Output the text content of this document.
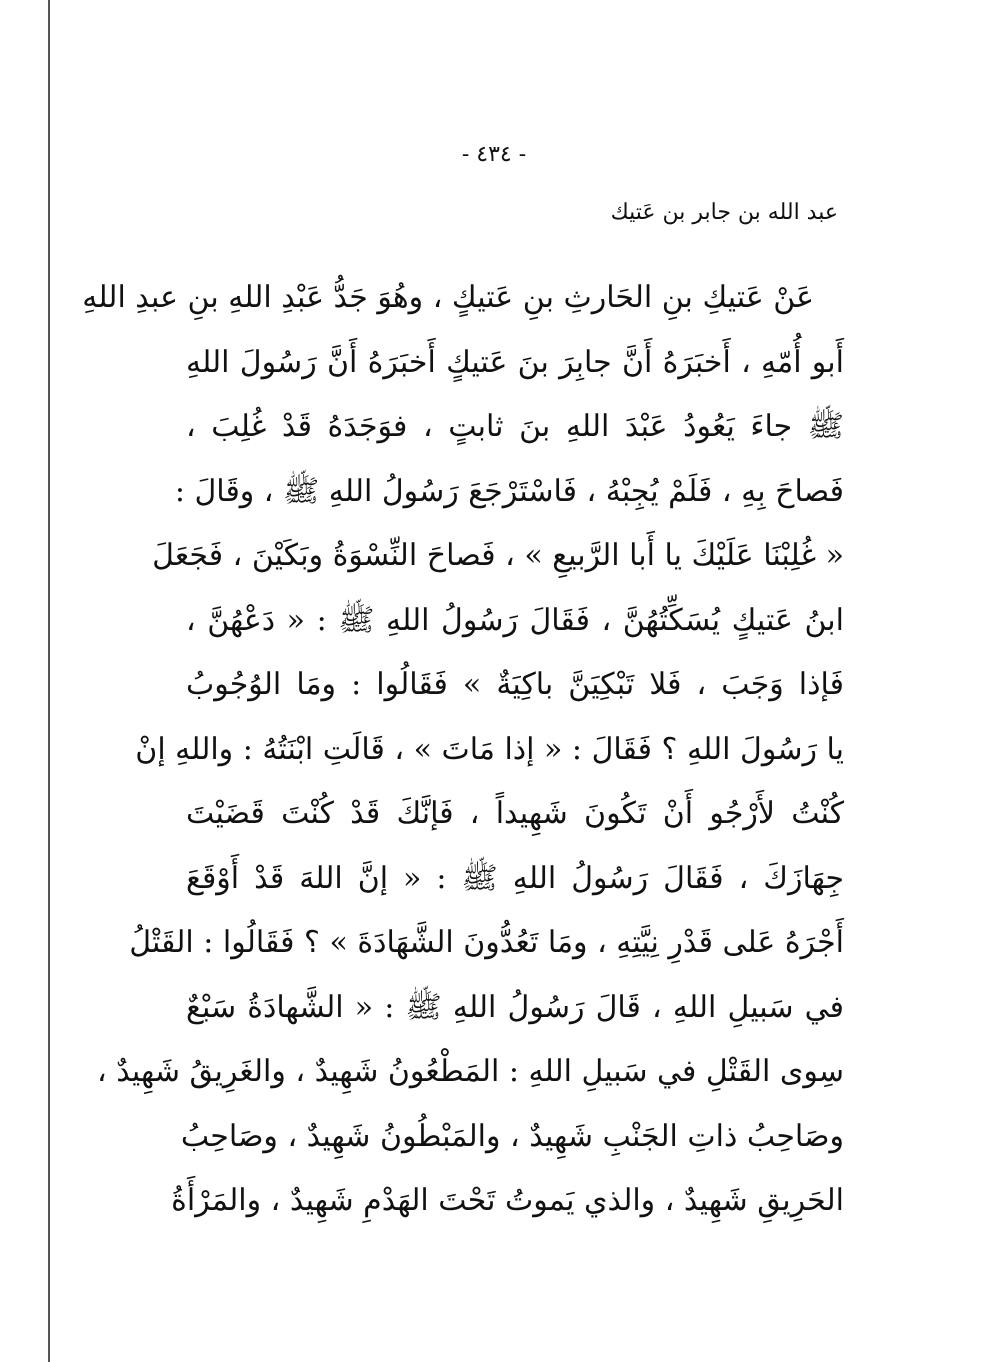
- ٤٣٤ -
عبد الله بن جابر بن عَتيك
عَنْ عَتيكِ بنِ الحَارثِ بنِ عَتيكٍ ، وهُوَ جَدُّ عَبْدِ اللهِ بنِ عبدِ اللهِ
أَبو أُمّهِ ، أَخبَرَهُ أَنَّ جابِرَ بنَ عَتيكٍ أَخبَرَهُ أَنَّ رَسُولَ اللهِ
ﷺ جاءَ يَعُودُ عَبْدَ اللهِ بنَ ثابتٍ ، فوَجَدَهُ قَدْ غُلِبَ ،
فَصاحَ بِهِ ، فَلَمْ يُجِبْهُ ، فَاسْتَرْجَعَ رَسُولُ اللهِ ﷺ ، وقَالَ :
« غُلِبْنَا عَلَيْكَ يا أَبا الرَّبيعِ » ، فَصاحَ النِّسْوَةُ وبَكَيْنَ ، فَجَعَلَ
ابنُ عَتيكٍ يُسَكِّتُهُنَّ ، فَقَالَ رَسُولُ اللهِ ﷺ : « دَعْهُنَّ ،
فَإذا وَجَبَ ، فَلا تَبْكِيَنَّ باكِيَةٌ » فَقَالُوا : ومَا الوُجُوبُ
يا رَسُولَ اللهِ ؟ فَقَالَ : « إذا مَاتَ » ، قَالَتِ ابْنَتُهُ : واللهِ إنْ
كُنْتُ لأَرْجُو أَنْ تَكُونَ شَهِيداً ، فَإنَّكَ قَدْ كُنْتَ قَضَيْتَ
جِهَازَكَ ، فَقَالَ رَسُولُ اللهِ ﷺ : « إنَّ اللهَ قَدْ أَوْقَعَ
أَجْرَهُ عَلى قَدْرِ نِيَّتِهِ ، ومَا تَعُدُّونَ الشَّهَادَةَ » ؟ فَقَالُوا : القَتْلُ
في سَبيلِ اللهِ ، قَالَ رَسُولُ اللهِ ﷺ : « الشَّهادَةُ سَبْعٌ
سِوى القَتْلِ في سَبيلِ اللهِ : المَطْعُونُ شَهِيدٌ ، والغَرِيقُ شَهِيدٌ ،
وصَاحِبُ ذاتِ الجَنْبِ شَهِيدٌ ، والمَبْطُونُ شَهِيدٌ ، وصَاحِبُ
الحَرِيقِ شَهِيدٌ ، والذي يَموتُ تَحْتَ الهَدْمِ شَهِيدٌ ، والمَرْأَةُ
